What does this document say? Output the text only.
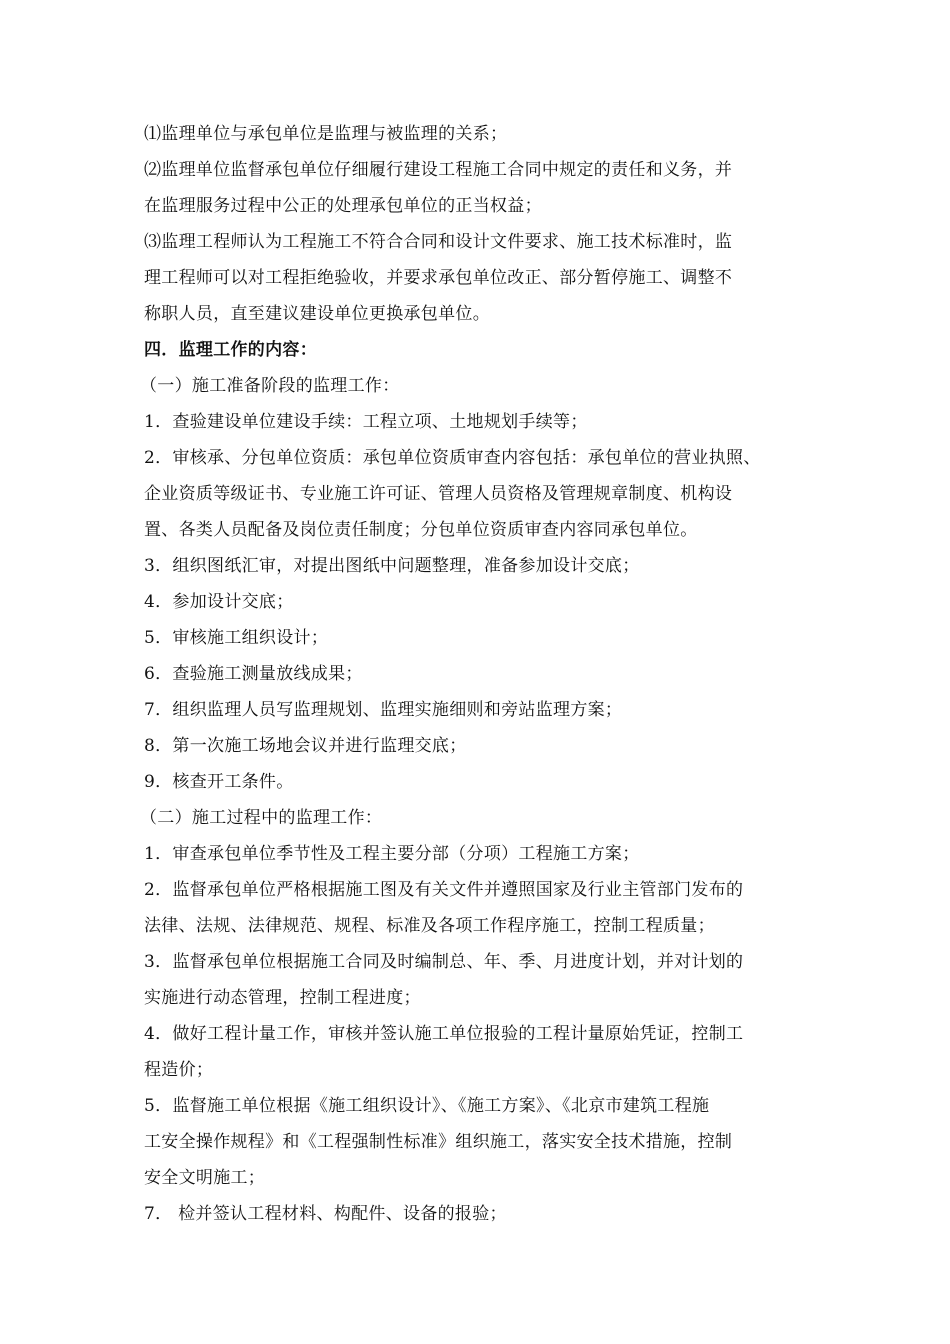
⑴监理单位与承包单位是监理与被监理的关系；
⑵监理单位监督承包单位仔细履行建设工程施工合同中规定的责任和义务，并
在监理服务过程中公正的处理承包单位的正当权益；
⑶监理工程师认为工程施工不符合合同和设计文件要求、施工技术标准时，监
理工程师可以对工程拒绝验收，并要求承包单位改正、部分暂停施工、调整不
称职人员，直至建议建设单位更换承包单位。
四．监理工作的内容：
（一）施工准备阶段的监理工作：
1．查验建设单位建设手续：工程立项、土地规划手续等；
2．审核承、分包单位资质：承包单位资质审查内容包括：承包单位的营业执照、
企业资质等级证书、专业施工许可证、管理人员资格及管理规章制度、机构设
置、各类人员配备及岗位责任制度；分包单位资质审查内容同承包单位。
3．组织图纸汇审，对提出图纸中问题整理，准备参加设计交底；
4．参加设计交底；
5．审核施工组织设计；
6．查验施工测量放线成果；
7．组织监理人员写监理规划、监理实施细则和旁站监理方案；
8．第一次施工场地会议并进行监理交底；
9．核查开工条件。
（二）施工过程中的监理工作：
1．审查承包单位季节性及工程主要分部（分项）工程施工方案；
2．监督承包单位严格根据施工图及有关文件并遵照国家及行业主管部门发布的
法律、法规、法律规范、规程、标准及各项工作程序施工，控制工程质量；
3．监督承包单位根据施工合同及时编制总、年、季、月进度计划，并对计划的
实施进行动态管理，控制工程进度；
4．做好工程计量工作，审核并签认施工单位报验的工程计量原始凭证，控制工
程造价；
5．监督施工单位根据《施工组织设计》、《施工方案》、《北京市建筑工程施
工安全操作规程》和《工程强制性标准》组织施工，落实安全技术措施，控制
安全文明施工；
7． 检并签认工程材料、构配件、设备的报验；
